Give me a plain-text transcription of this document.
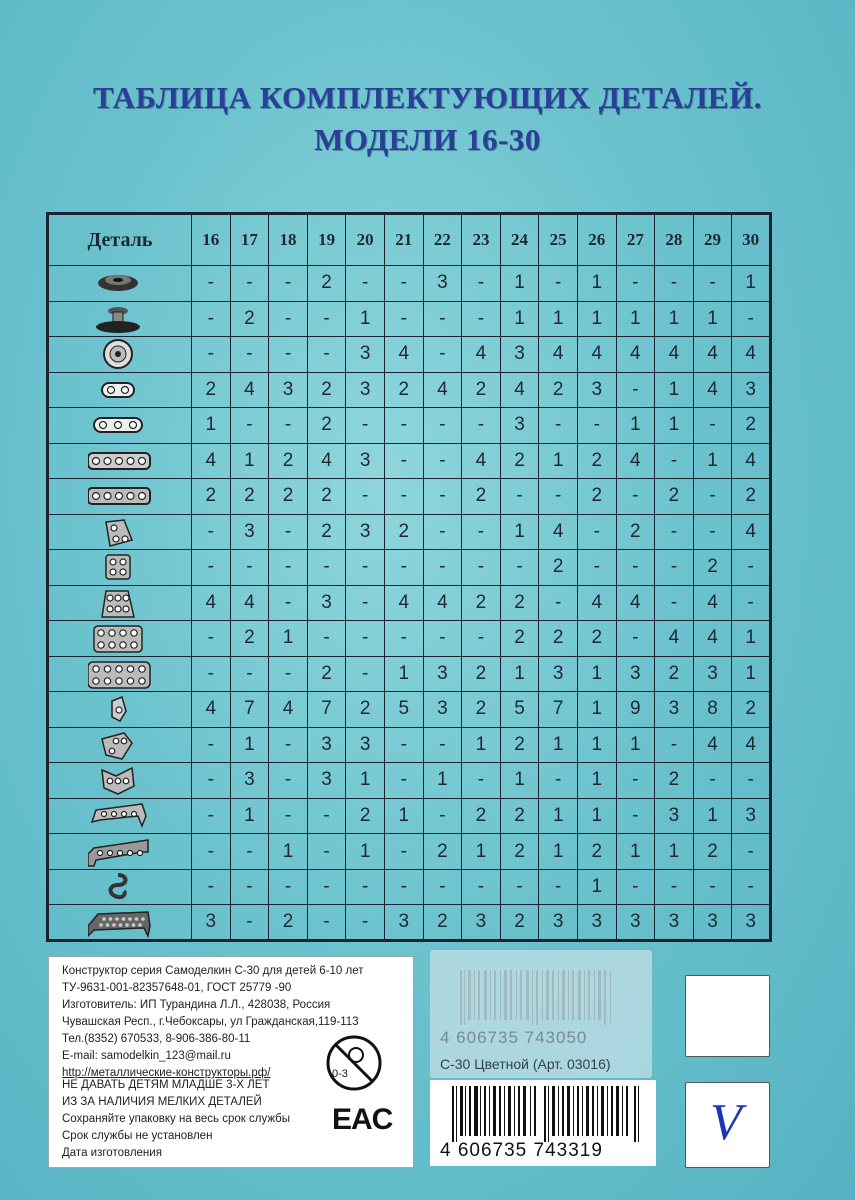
ТАБЛИЦА КОМПЛЕКТУЮЩИХ ДЕТАЛЕЙ.
МОДЕЛИ 16-30
Деталь	16	17	18	19	20	21	22	23	24	25	26	27	28	29	30

	-	-	-	2	-	-	3	-	1	-	1	-	-	-	1

	-	2	-	-	1	-	-	-	1	1	1	1	1	1	-

	-	-	-	-	3	4	-	4	3	4	4	4	4	4	4

	2	4	3	2	3	2	4	2	4	2	3	-	1	4	3

	1	-	-	2	-	-	-	-	3	-	-	1	1	-	2

	4	1	2	4	3	-	-	4	2	1	2	4	-	1	4

	2	2	2	2	-	-	-	2	-	-	2	-	2	-	2

	-	3	-	2	3	2	-	-	1	4	-	2	-	-	4

	-	-	-	-	-	-	-	-	-	2	-	-	-	2	-

	4	4	-	3	-	4	4	2	2	-	4	4	-	4	-

	-	2	1	-	-	-	-	-	2	2	2	-	4	4	1

	-	-	-	2	-	1	3	2	1	3	1	3	2	3	1

	4	7	4	7	2	5	3	2	5	7	1	9	3	8	2

	-	1	-	3	3	-	-	1	2	1	1	1	-	4	4

	-	3	-	3	1	-	1	-	1	-	1	-	2	-	-

	-	1	-	-	2	1	-	2	2	1	1	-	3	1	3

	-	-	1	-	1	-	2	1	2	1	2	1	1	2	-

	-	-	-	-	-	-	-	-	-	-	1	-	-	-	-

	3	-	2	-	-	3	2	3	2	3	3	3	3	3	3
Конструктор серия Самоделкин С-30 для детей 6-10 лет
ТУ-9631-001-82357648-01, ГОСТ 25779 -90
Изготовитель: ИП Турандина Л.Л., 428038, Россия
Чувашская Респ., г.Чебоксары, ул Гражданская,119-113
Тел.(8352) 670533, 8-906-386-80-11
E-mail: samodelkin_123@mail.ru
http://металлические-конструкторы.рф/
НЕ ДАВАТЬ ДЕТЯМ МЛАДШЕ 3-Х ЛЕТ
ИЗ ЗА НАЛИЧИЯ МЕЛКИХ ДЕТАЛЕЙ
Сохраняйте упаковку на весь срок службы
Срок службы не установлен
Дата изготовления
0-3
EAC
4 606735 743050
С-30 Цветной (Арт. 03016)
4 606735 743319 V
